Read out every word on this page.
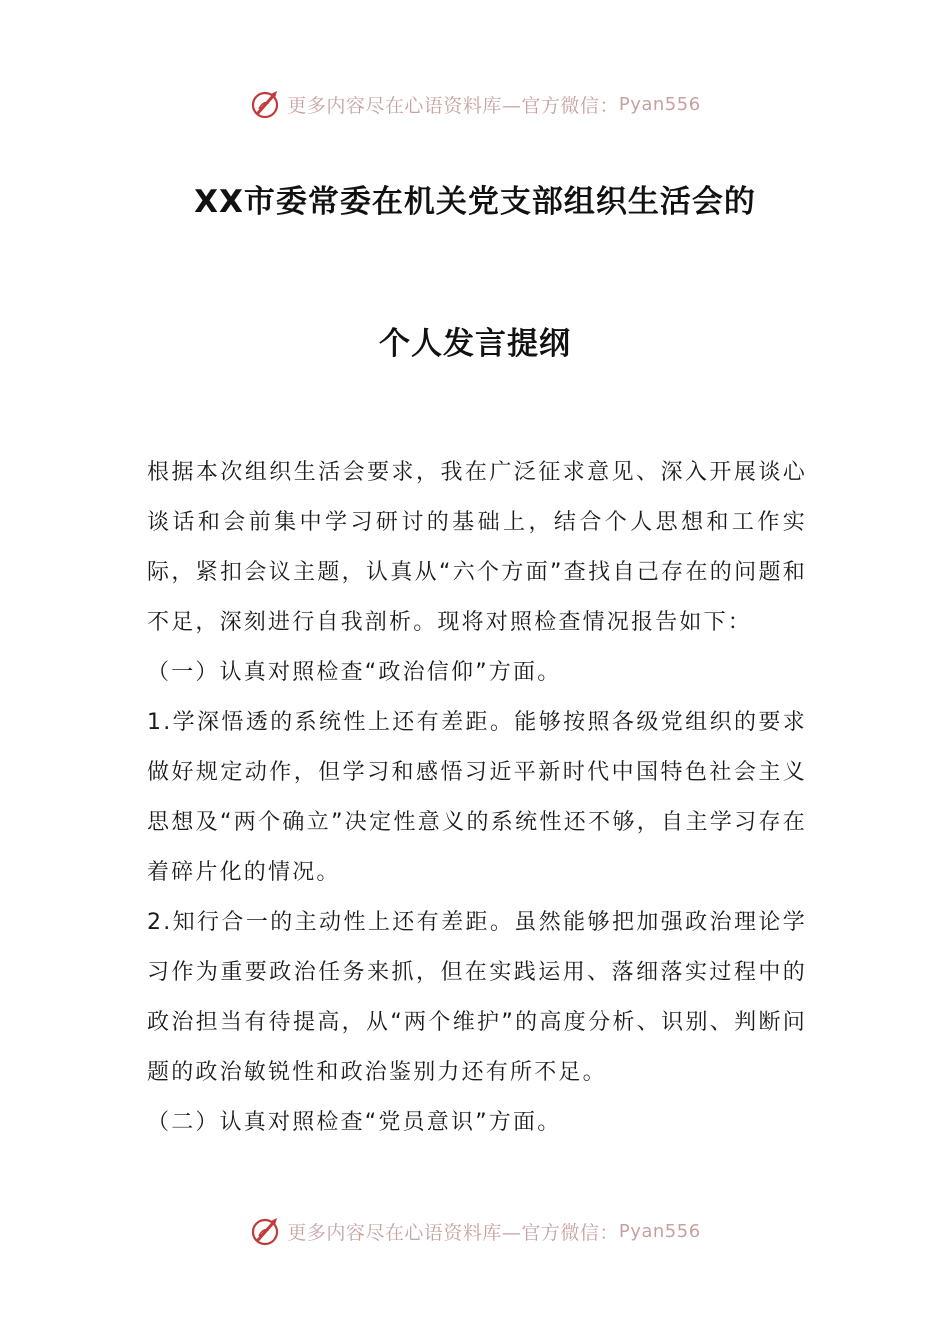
更多内容尽在心语资料库—官方微信： Pyan556
XX市委常委在机关党支部组织生活会的
个人发言提纲

根据本次组织生活会要求，我在广泛征求意见、深入开展谈心谈话和会前集中学习研讨的基础上，结合个人思想和工作实际，紧扣会议主题，认真从“六个方面”查找自己存在的问题和不足，深刻进行自我剖析。现将对照检查情况报告如下：

（一）认真对照检查“政治信仰”方面。

1.学深悟透的系统性上还有差距。能够按照各级党组织的要求做好规定动作，但学习和感悟习近平新时代中国特色社会主义思想及“两个确立”决定性意义的系统性还不够，自主学习存在着碎片化的情况。

2.知行合一的主动性上还有差距。虽然能够把加强政治理论学习作为重要政治任务来抓，但在实践运用、落细落实过程中的政治担当有待提高，从“两个维护”的高度分析、识别、判断问题的政治敏锐性和政治鉴别力还有所不足。

（二）认真对照检查“党员意识”方面。

更多内容尽在心语资料库—官方微信： Pyan556
